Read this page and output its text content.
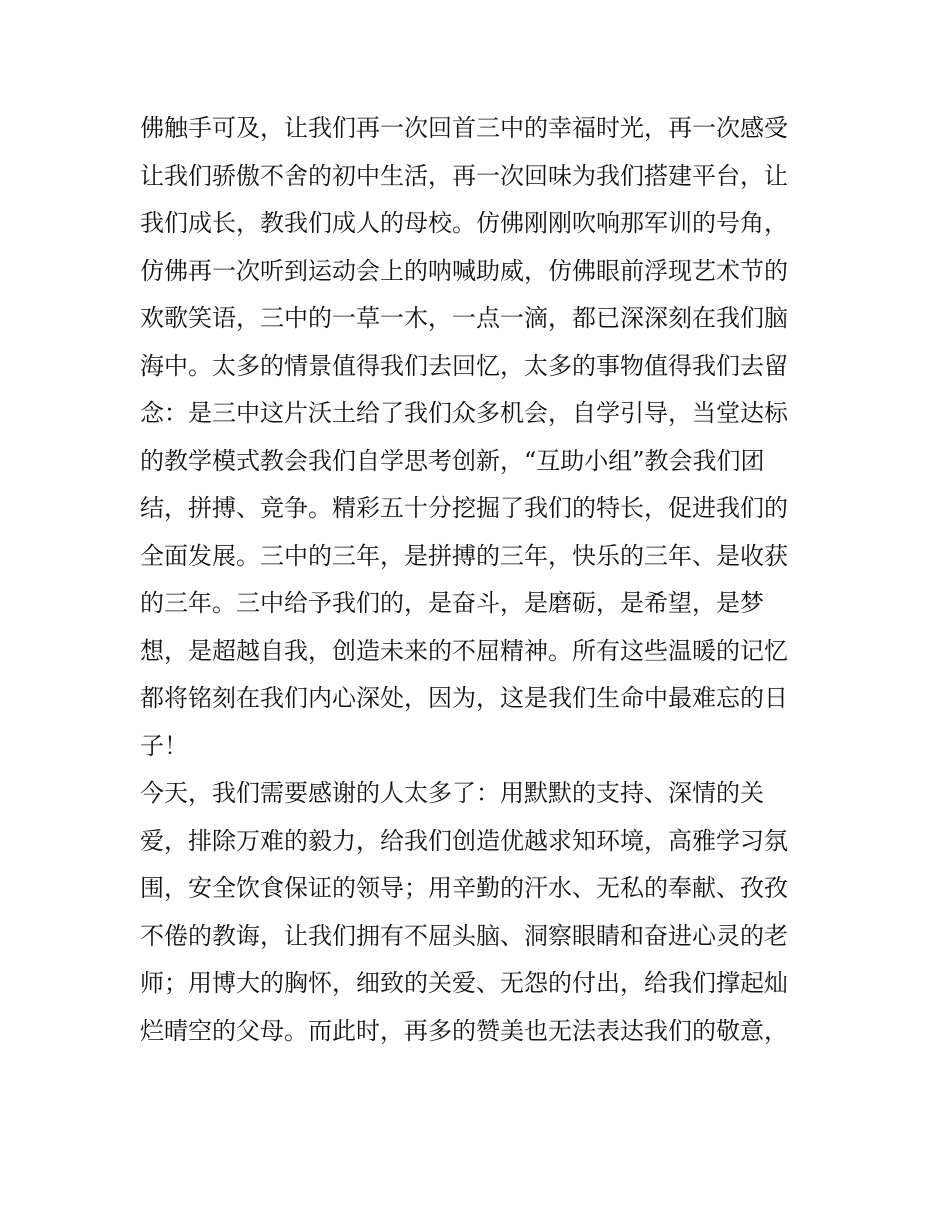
佛触手可及，让我们再一次回首三中的幸福时光，再一次感受
让我们骄傲不舍的初中生活，再一次回味为我们搭建平台，让
我们成长，教我们成人的母校。仿佛刚刚吹响那军训的号角，
仿佛再一次听到运动会上的呐喊助威，仿佛眼前浮现艺术节的
欢歌笑语，三中的一草一木，一点一滴，都已深深刻在我们脑
海中。太多的情景值得我们去回忆，太多的事物值得我们去留
念：是三中这片沃土给了我们众多机会，自学引导，当堂达标
的教学模式教会我们自学思考创新，“互助小组”教会我们团
结，拼搏、竞争。精彩五十分挖掘了我们的特长，促进我们的
全面发展。三中的三年，是拼搏的三年，快乐的三年、是收获
的三年。三中给予我们的，是奋斗，是磨砺，是希望，是梦
想，是超越自我，创造未来的不屈精神。所有这些温暖的记忆
都将铭刻在我们内心深处，因为，这是我们生命中最难忘的日
子！
今天，我们需要感谢的人太多了：用默默的支持、深情的关
爱，排除万难的毅力，给我们创造优越求知环境，高雅学习氛
围，安全饮食保证的领导；用辛勤的汗水、无私的奉献、孜孜
不倦的教诲，让我们拥有不屈头脑、洞察眼睛和奋进心灵的老
师；用博大的胸怀，细致的关爱、无怨的付出，给我们撑起灿
烂晴空的父母。而此时，再多的赞美也无法表达我们的敬意，
